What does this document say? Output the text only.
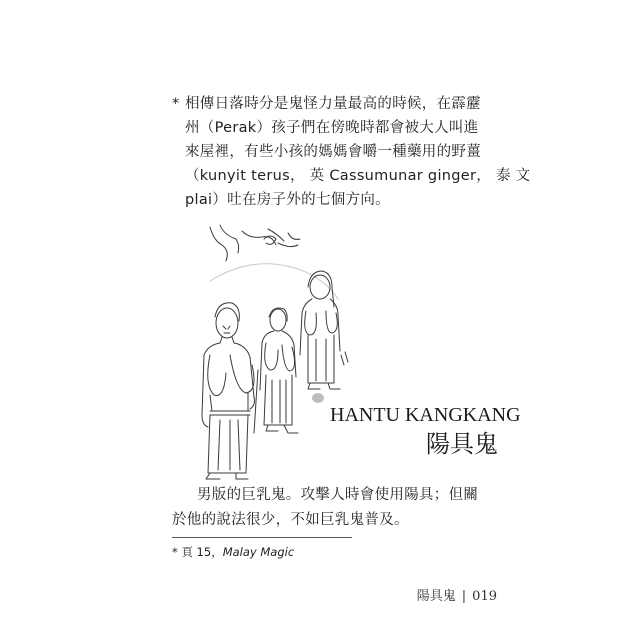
* 相傳日落時分是鬼怪力量最高的時候，在霹靂
州（Perak）孩子們在傍晚時都會被大人叫進
來屋裡，有些小孩的媽媽會嚼一種藥用的野薑
（kunyit terus， 英 Cassumunar ginger， 泰 文
plai）吐在房子外的七個方向。
HANTU KANGKANG
陽具鬼
男版的巨乳鬼。攻擊人時會使用陽具；但關
於他的說法很少，不如巨乳鬼普及。
* 頁 15，Malay Magic
陽具鬼 | 019
